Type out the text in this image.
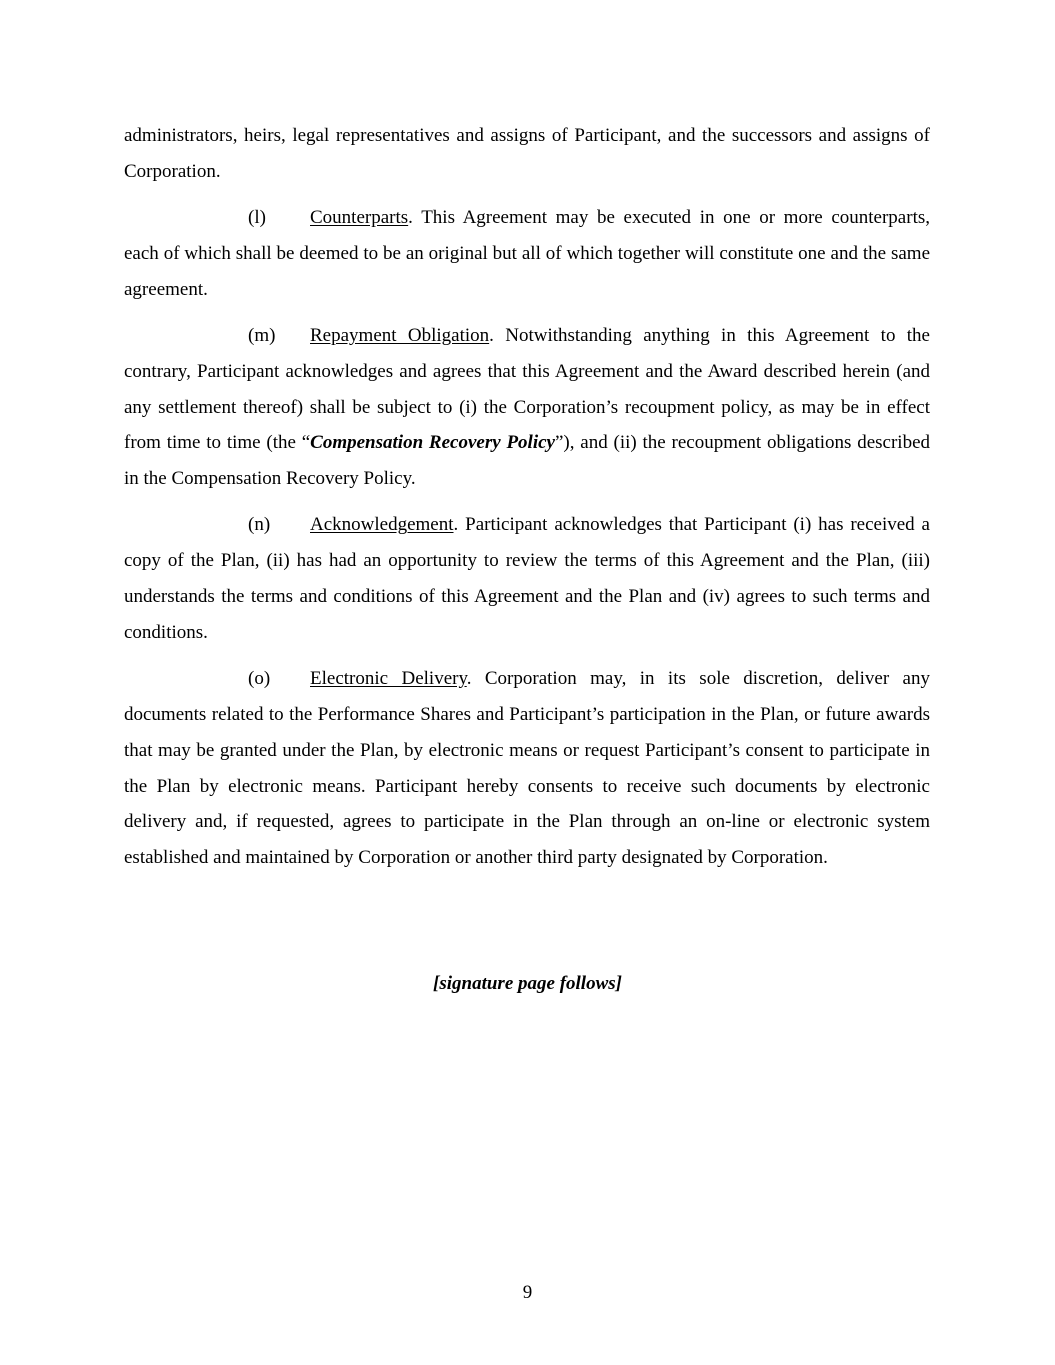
administrators, heirs, legal representatives and assigns of Participant, and the successors and assigns of Corporation.

(l) Counterparts. This Agreement may be executed in one or more counterparts, each of which shall be deemed to be an original but all of which together will constitute one and the same agreement.

(m) Repayment Obligation. Notwithstanding anything in this Agreement to the contrary, Participant acknowledges and agrees that this Agreement and the Award described herein (and any settlement thereof) shall be subject to (i) the Corporation’s recoupment policy, as may be in effect from time to time (the “Compensation Recovery Policy”), and (ii) the recoupment obligations described in the Compensation Recovery Policy.

(n) Acknowledgement. Participant acknowledges that Participant (i) has received a copy of the Plan, (ii) has had an opportunity to review the terms of this Agreement and the Plan, (iii) understands the terms and conditions of this Agreement and the Plan and (iv) agrees to such terms and conditions.

(o) Electronic Delivery. Corporation may, in its sole discretion, deliver any documents related to the Performance Shares and Participant’s participation in the Plan, or future awards that may be granted under the Plan, by electronic means or request Participant’s consent to participate in the Plan by electronic means. Participant hereby consents to receive such documents by electronic delivery and, if requested, agrees to participate in the Plan through an on-line or electronic system established and maintained by Corporation or another third party designated by Corporation.

[signature page follows]
9
